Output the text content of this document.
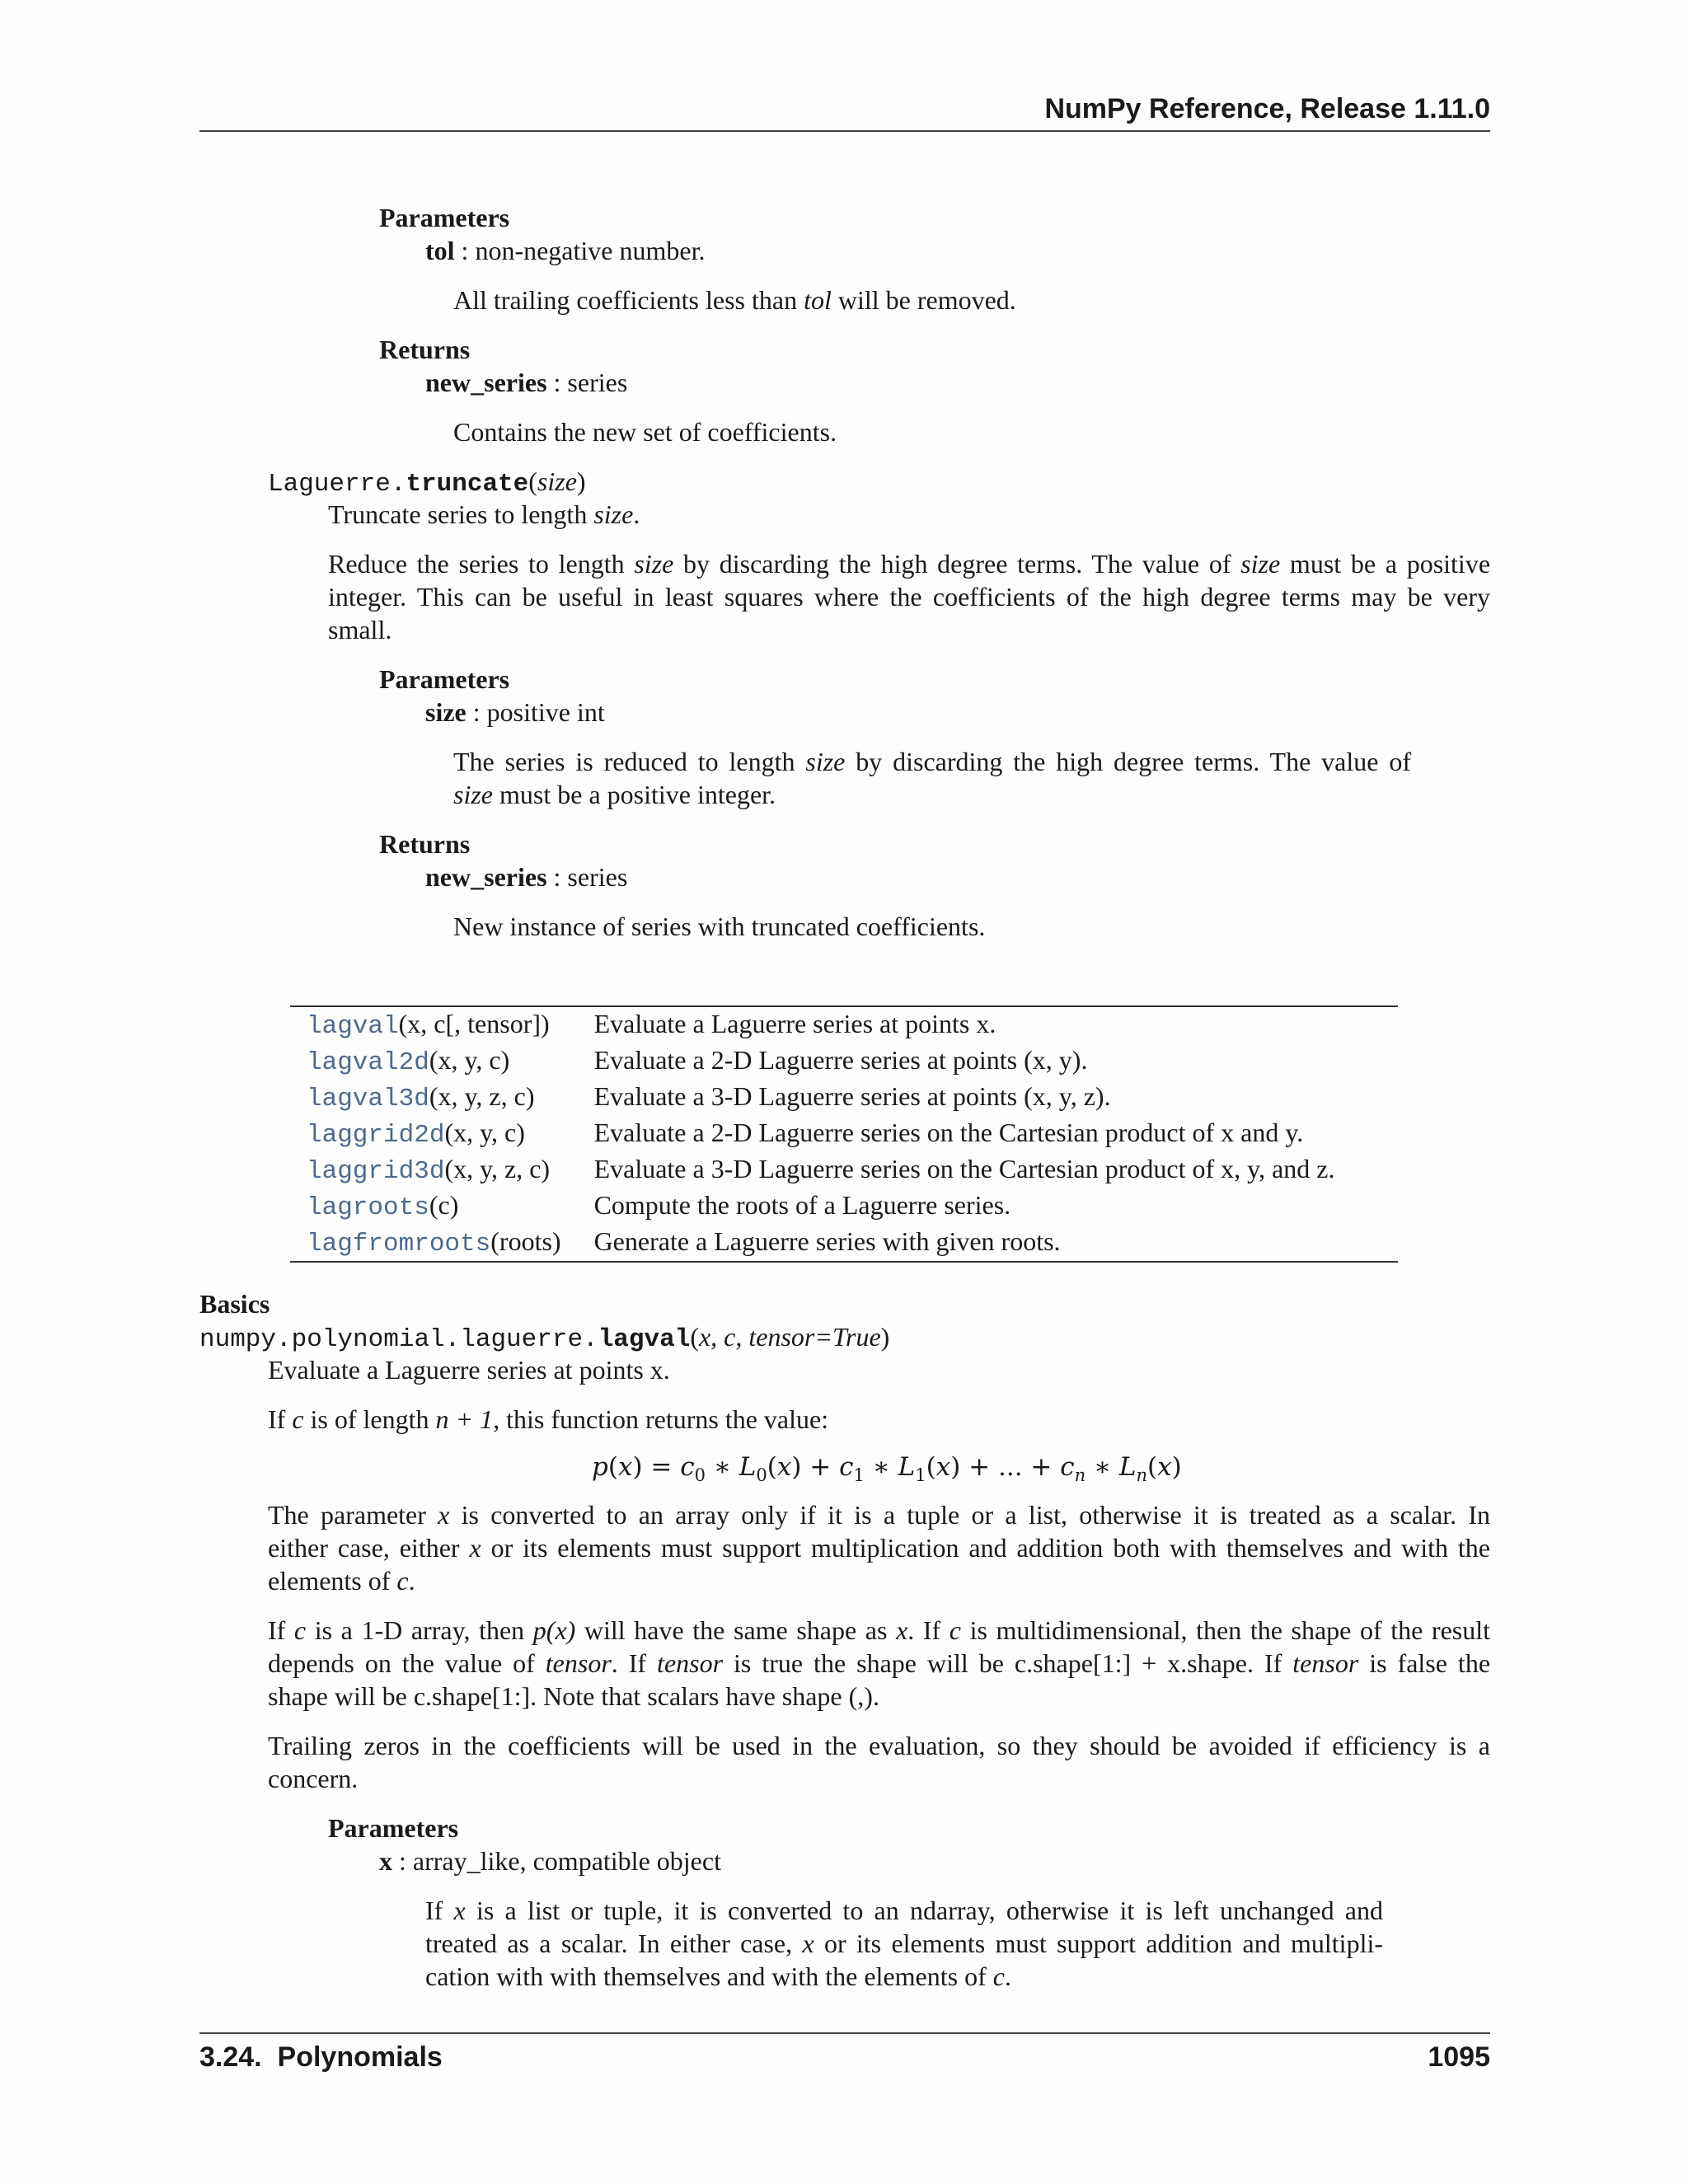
NumPy Reference, Release 1.11.0
Parameters
tol : non-negative number.
All trailing coefficients less than tol will be removed.
Returns
new_series : series
Contains the new set of coefficients.
Laguerre.truncate(size)
Truncate series to length size.
Reduce the series to length size by discarding the high degree terms. The value of size must be a positive
integer. This can be useful in least squares where the coefficients of the high degree terms may be very
small.
Parameters
size : positive int
The series is reduced to length size by discarding the high degree terms. The value of
size must be a positive integer.
Returns
new_series : series
New instance of series with truncated coefficients.
lagval(x, c[, tensor])	Evaluate a Laguerre series at points x.
lagval2d(x, y, c)	Evaluate a 2-D Laguerre series at points (x, y).
lagval3d(x, y, z, c)	Evaluate a 3-D Laguerre series at points (x, y, z).
laggrid2d(x, y, c)	Evaluate a 2-D Laguerre series on the Cartesian product of x and y.
laggrid3d(x, y, z, c)	Evaluate a 3-D Laguerre series on the Cartesian product of x, y, and z.
lagroots(c)	Compute the roots of a Laguerre series.
lagfromroots(roots)	Generate a Laguerre series with given roots.
Basics
numpy.polynomial.laguerre.lagval(x, c, tensor=True)
Evaluate a Laguerre series at points x.
If c is of length n + 1, this function returns the value:
$p(x) = c_0$ ∗ $L_0(x) + c_1$ ∗ $L_1(x)$ + ... + $c_n$ ∗ $L_n(x)$
The parameter x is converted to an array only if it is a tuple or a list, otherwise it is treated as a scalar. In
either case, either x or its elements must support multiplication and addition both with themselves and with the
elements of c.
If c is a 1-D array, then p(x) will have the same shape as x. If c is multidimensional, then the shape of the result
depends on the value of tensor. If tensor is true the shape will be c.shape[1:] + x.shape. If tensor is false the
shape will be c.shape[1:]. Note that scalars have shape (,).
Trailing zeros in the coefficients will be used in the evaluation, so they should be avoided if efficiency is a
concern.
Parameters
x : array_like, compatible object
If x is a list or tuple, it is converted to an ndarray, otherwise it is left unchanged and
treated as a scalar. In either case, x or its elements must support addition and multipli-
cation with with themselves and with the elements of c.
3.24.  Polynomials	1095
